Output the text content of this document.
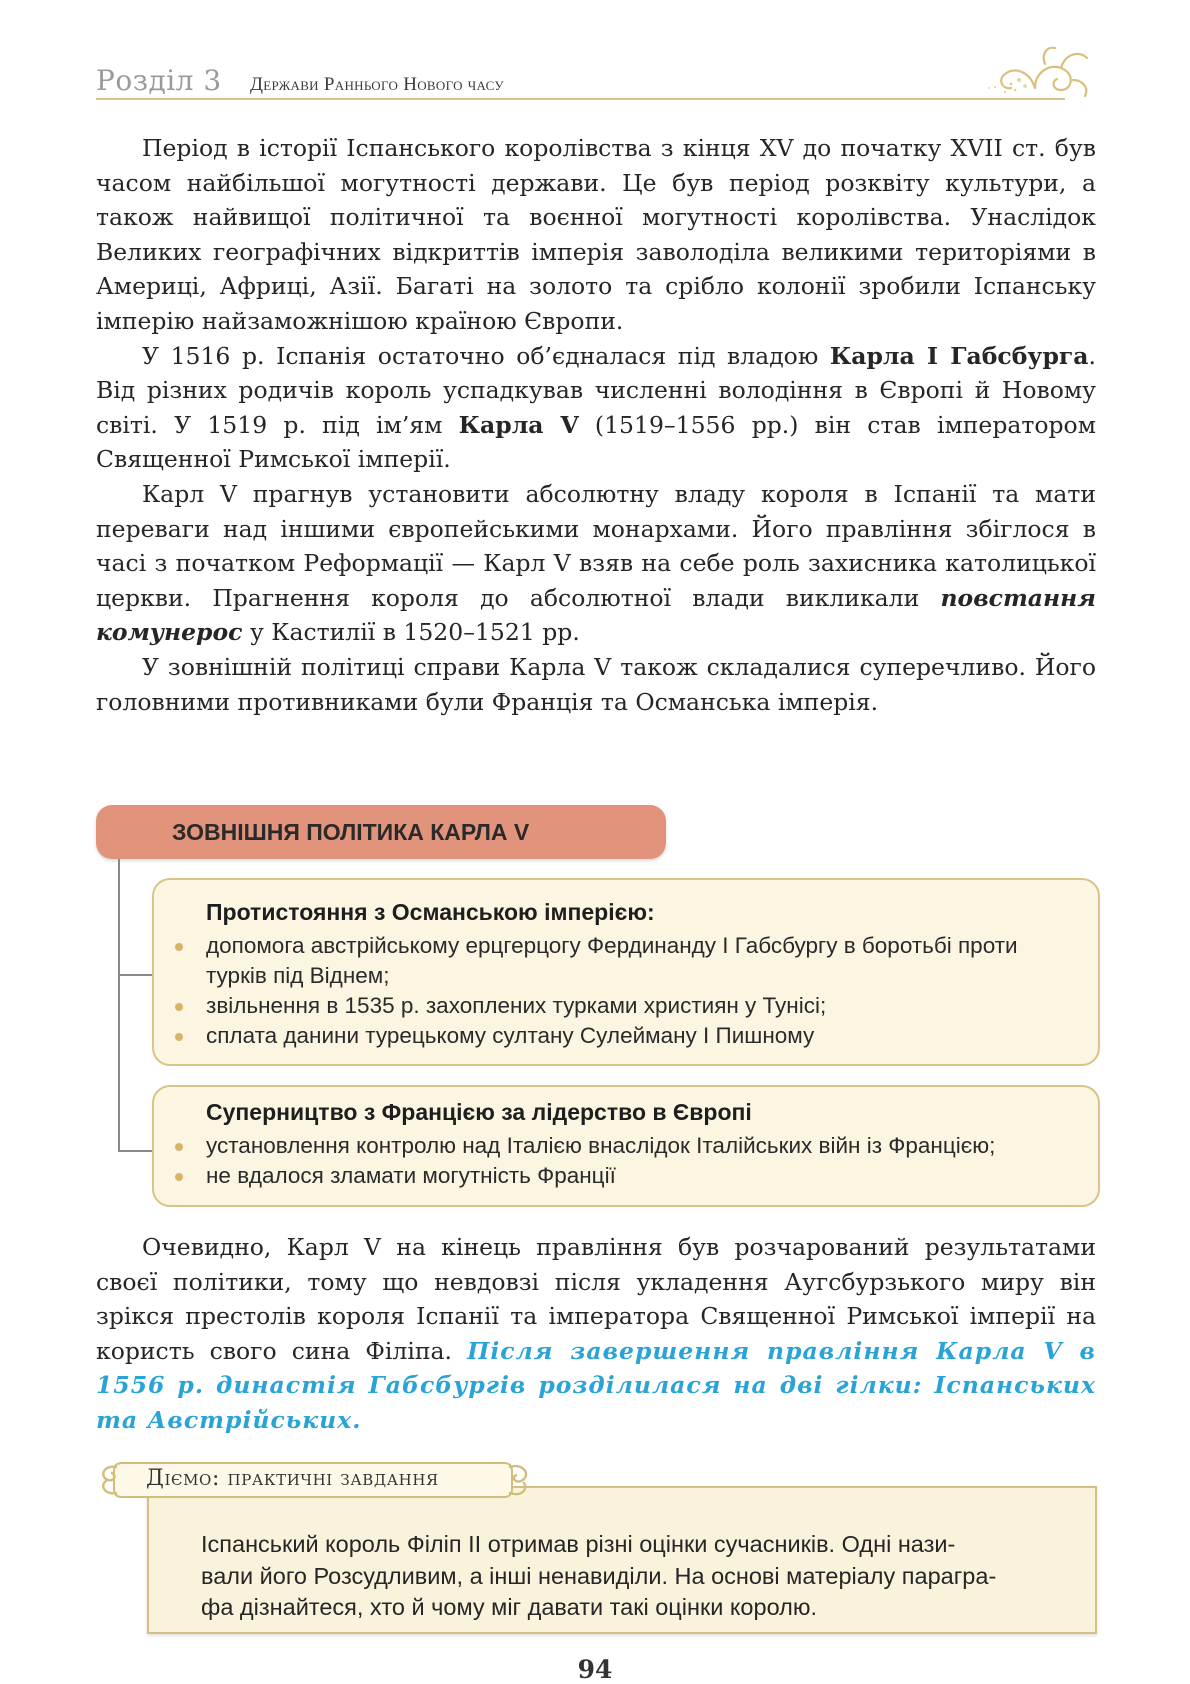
Розділ 3 Держави Раннього Нового часу

Період в історії Іспанського королівства з кінця XV до початку XVII ст. був часом найбільшої могутності держави. Це був період розквіту культури, а також найвищої політичної та воєнної могутності королівства. Унаслідок Великих географічних відкриттів імперія заволоділа великими територіями в Америці, Африці, Азії. Багаті на золото та срібло колонії зробили Іспанську імперію найзаможнішою країною Європи.

У 1516 р. Іспанія остаточно об’єдналася під владою Карла I Габсбурга. Від різних родичів король успадкував численні володіння в Європі й Новому світі. У 1519 р. під ім’ям Карла V (1519–1556 рр.) він став імператором Священної Римської імперії.

Карл V прагнув установити абсолютну владу короля в Іспанії та мати переваги над іншими європейськими монархами. Його правління збіглося в часі з початком Реформації — Карл V взяв на себе роль захисника католицької церкви. Прагнення короля до абсолютної влади викликали повстання комунерос у Кастилії в 1520–1521 рр.

У зовнішній політиці справи Карла V також складалися суперечливо. Його головними противниками були Франція та Османська імперія.

ЗОВНІШНЯ ПОЛІТИКА КАРЛА V
Протистояння з Османською імперією:
допомога австрійському ерцгерцогу Фердинанду I Габсбургу в боротьбі проти турків під Віднем;
звільнення в 1535 р. захоплених турками християн у Тунісі;
сплата данини турецькому султану Сулейману I Пишному
Суперництво з Францією за лідерство в Європі
установлення контролю над Італією внаслідок Італійських війн із Францією;
не вдалося зламати могутність Франції

Очевидно, Карл V на кінець правління був розчарований результатами своєї політики, тому що невдовзі після укладення Аугсбурзького миру він зрікся престолів короля Іспанії та імператора Священної Римської імперії на користь свого сина Філіпа. Після завершення правління Карла V в 1556 р. династія Габсбургів розділилася на дві гілки: Іспанських та Австрійських.

Іспанський король Філіп II отримав різні оцінки сучасників. Одні нази-
вали його Розсудливим, а інші ненавиділи. На основі матеріалу парагра-
фа дізнайтеся, хто й чому міг давати такі оцінки королю.
Діємо: практичні завдання
94
